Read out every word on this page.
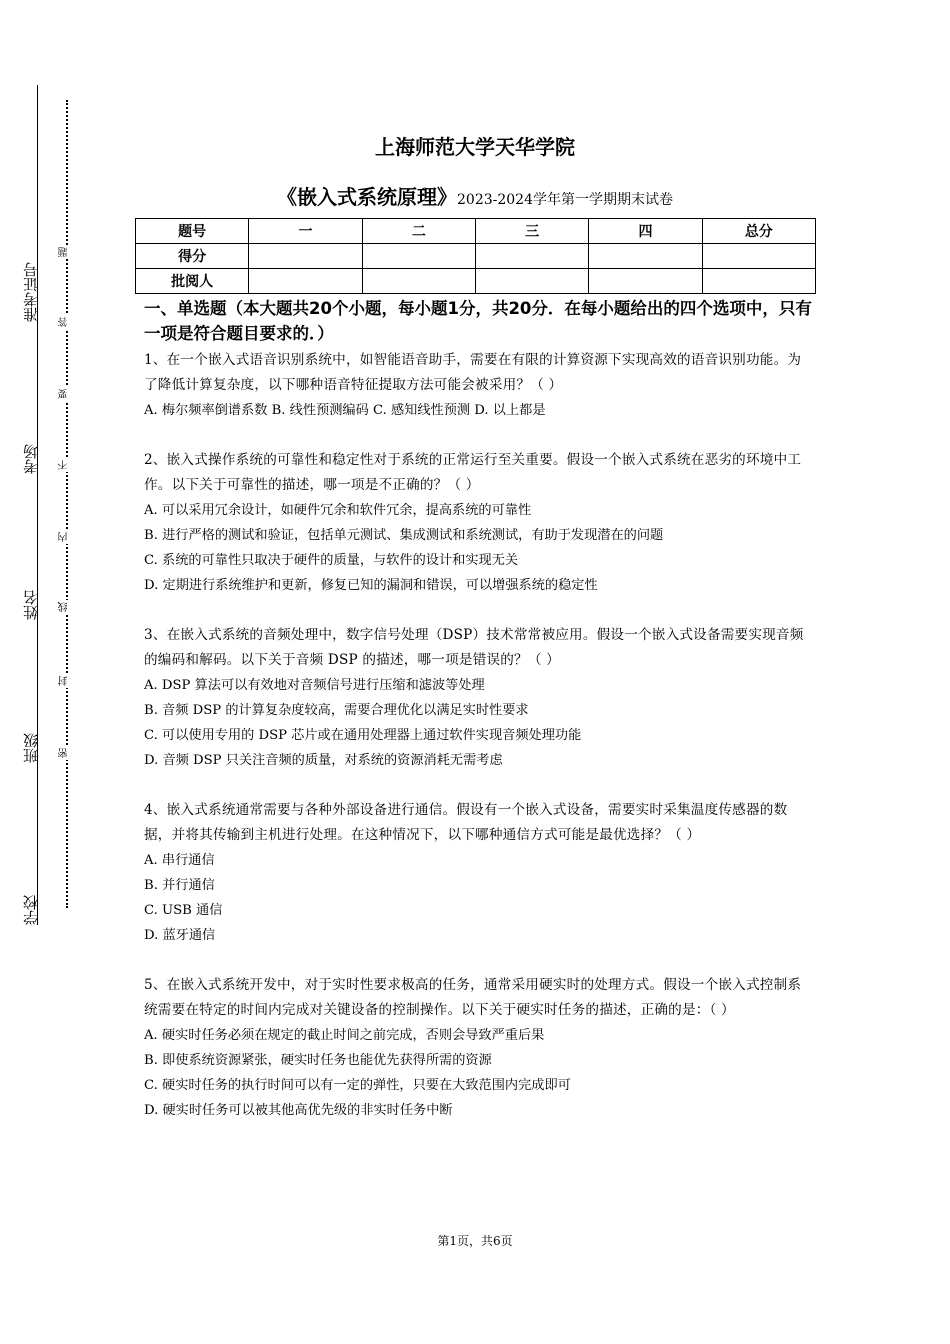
准考证号
考场
姓名
班级
学校
题
答
要
不
内
线
封
密
上海师范大学天华学院
《嵌入式系统原理》2023-2024学年第一学期期末试卷
题号	一	二	三	四	总分
得分					
批阅人					

一、单选题（本大题共20个小题，每小题1分，共20分．在每小题给出的四个选项中，只有一项是符合题目要求的．）

1、在一个嵌入式语音识别系统中，如智能语音助手，需要在有限的计算资源下实现高效的语音识别功能。为了降低计算复杂度，以下哪种语音特征提取方法可能会被采用？（ ）

A. 梅尔频率倒谱系数 B. 线性预测编码 C. 感知线性预测 D. 以上都是

2、嵌入式操作系统的可靠性和稳定性对于系统的正常运行至关重要。假设一个嵌入式系统在恶劣的环境中工作。以下关于可靠性的描述，哪一项是不正确的？（ ）

A. 可以采用冗余设计，如硬件冗余和软件冗余，提高系统的可靠性

B. 进行严格的测试和验证，包括单元测试、集成测试和系统测试，有助于发现潜在的问题

C. 系统的可靠性只取决于硬件的质量，与软件的设计和实现无关

D. 定期进行系统维护和更新，修复已知的漏洞和错误，可以增强系统的稳定性

3、在嵌入式系统的音频处理中，数字信号处理（DSP）技术常常被应用。假设一个嵌入式设备需要实现音频的编码和解码。以下关于音频 DSP 的描述，哪一项是错误的？（ ）

A. DSP 算法可以有效地对音频信号进行压缩和滤波等处理

B. 音频 DSP 的计算复杂度较高，需要合理优化以满足实时性要求

C. 可以使用专用的 DSP 芯片或在通用处理器上通过软件实现音频处理功能

D. 音频 DSP 只关注音频的质量，对系统的资源消耗无需考虑

4、嵌入式系统通常需要与各种外部设备进行通信。假设有一个嵌入式设备，需要实时采集温度传感器的数据，并将其传输到主机进行处理。在这种情况下，以下哪种通信方式可能是最优选择？（ ）

A. 串行通信

B. 并行通信

C. USB 通信

D. 蓝牙通信

5、在嵌入式系统开发中，对于实时性要求极高的任务，通常采用硬实时的处理方式。假设一个嵌入式控制系统需要在特定的时间内完成对关键设备的控制操作。以下关于硬实时任务的描述，正确的是：（ ）

A. 硬实时任务必须在规定的截止时间之前完成，否则会导致严重后果

B. 即使系统资源紧张，硬实时任务也能优先获得所需的资源

C. 硬实时任务的执行时间可以有一定的弹性，只要在大致范围内完成即可

D. 硬实时任务可以被其他高优先级的非实时任务中断

第1页，共6页
